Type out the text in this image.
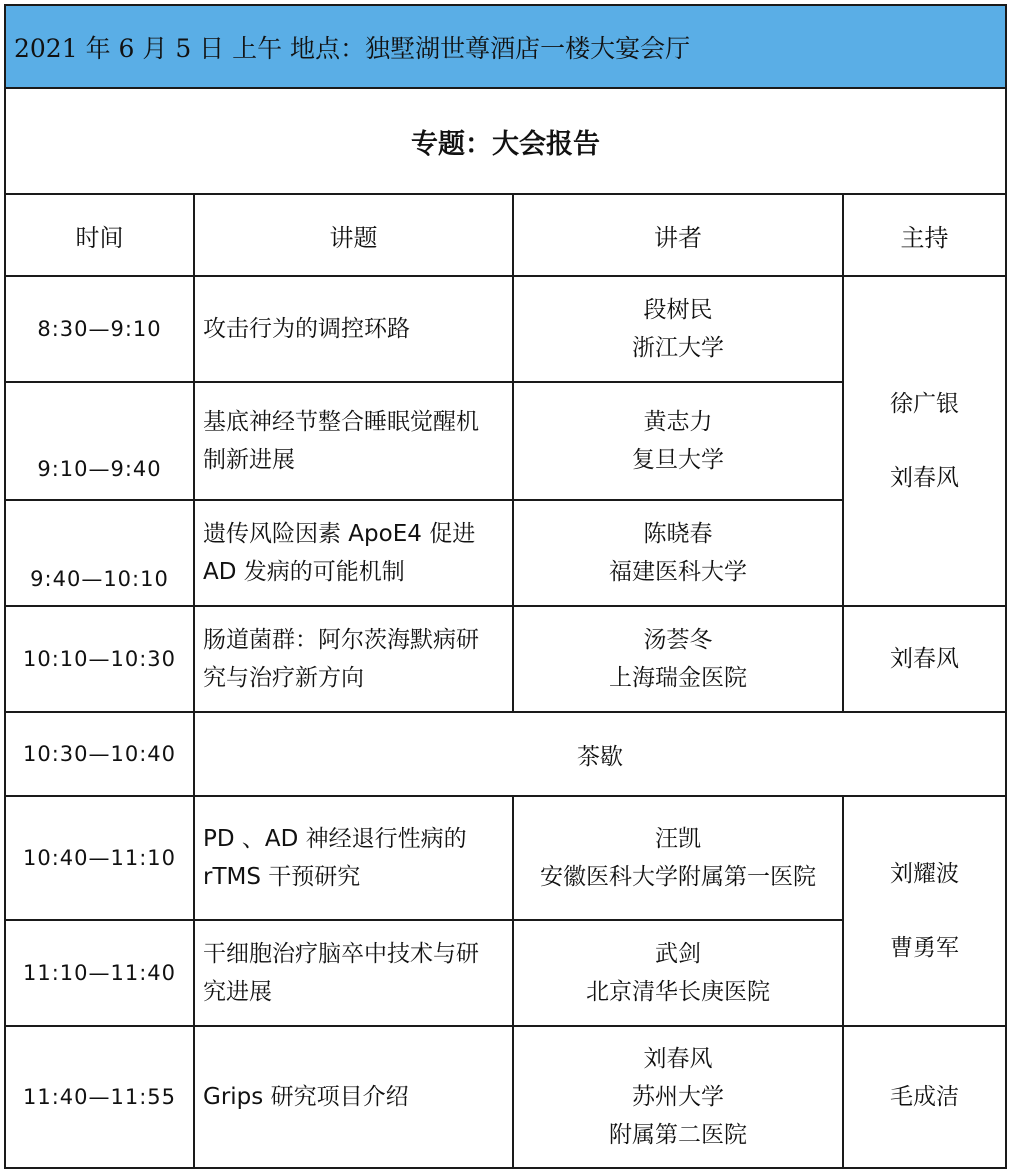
2021 年 6 月 5 日 上午 地点：独墅湖世尊酒店一楼大宴会厅			
专题：大会报告			
时间	讲题	讲者	主持
8:30—9:10	攻击行为的调控环路	段树民
浙江大学	徐广银
刘春风

9:10—9:40	基底神经节整合睡眠觉醒机
制新进展	黄志力
复旦大学	

9:40—10:10	遗传风险因素 ApoE4 促进
AD 发病的可能机制	陈晓春
福建医科大学	

10:10—10:30	肠道菌群：阿尔茨海默病研
究与治疗新方向	汤荟冬
上海瑞金医院	刘春风

10:30—10:40	茶歇		
10:40—11:10	PD 、AD 神经退行性病的
rTMS 干预研究	汪凯
安徽医科大学附属第一医院	刘耀波
曹勇军

11:10—11:40	干细胞治疗脑卒中技术与研
究进展	武剑
北京清华长庚医院	

11:40—11:55	Grips 研究项目介绍	刘春风
苏州大学
附属第二医院	毛成洁
